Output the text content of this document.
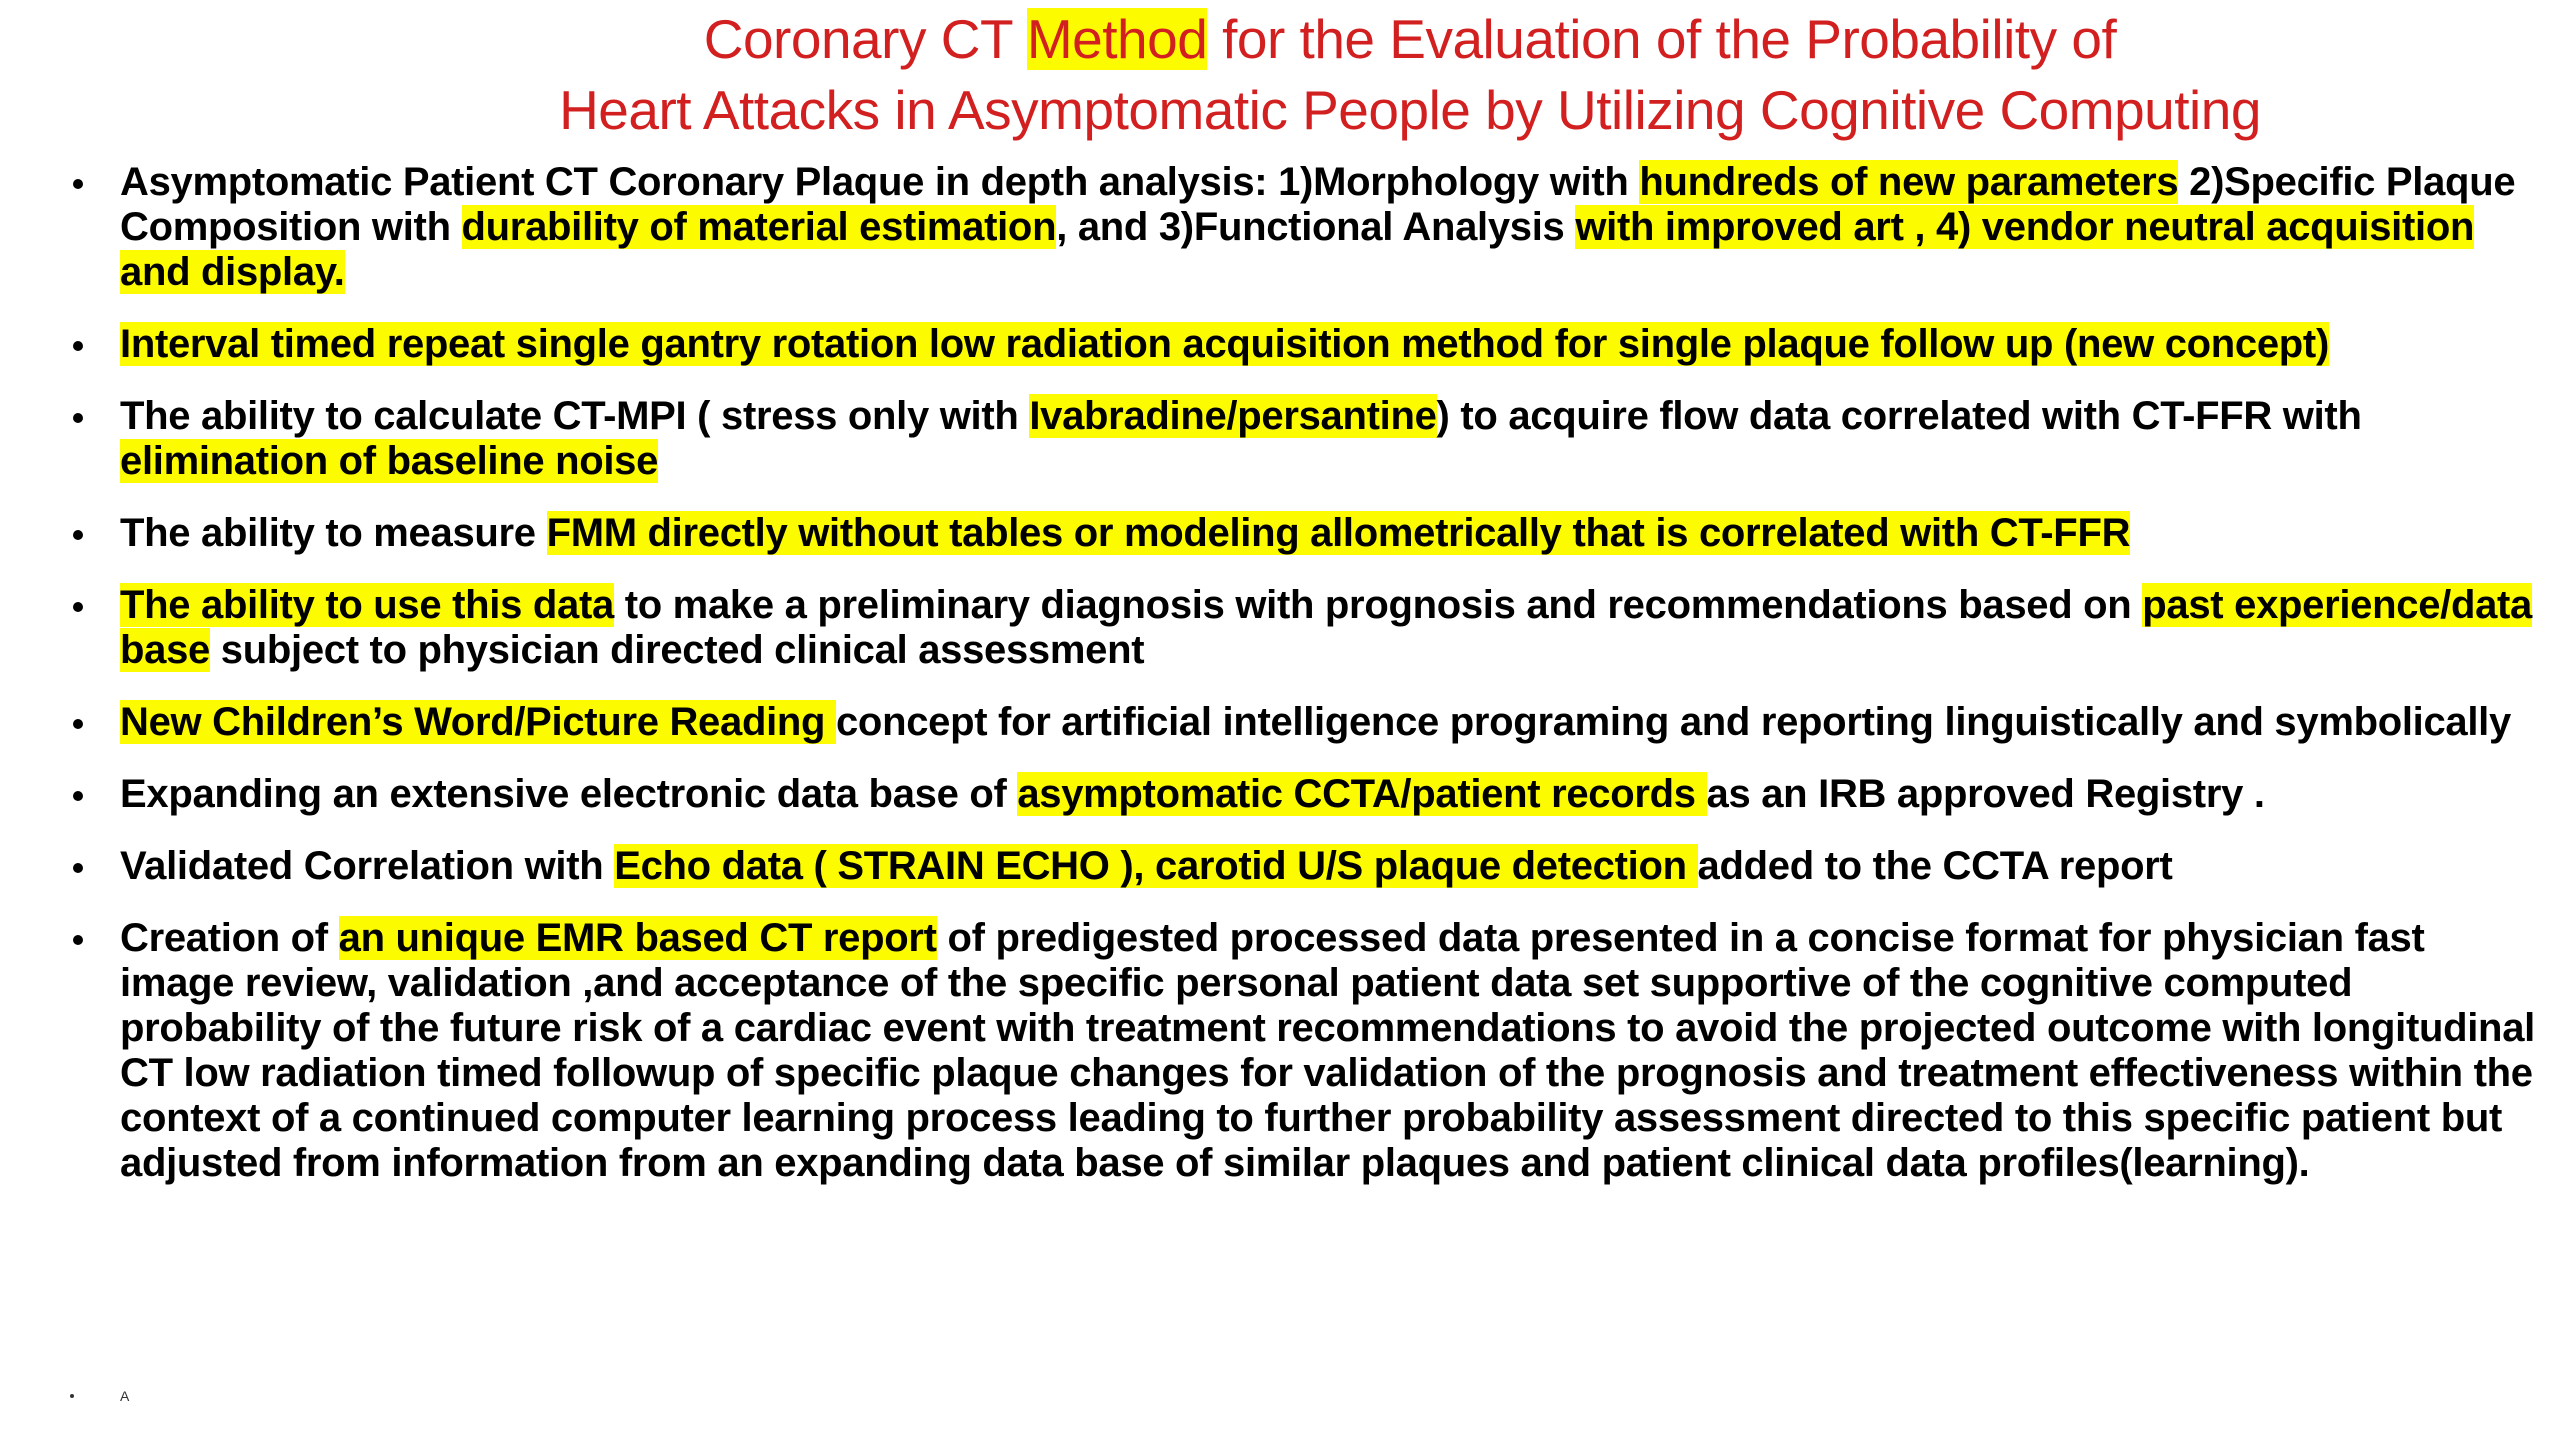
Coronary CT Method for the Evaluation of the Probability of
Heart Attacks in Asymptomatic People by Utilizing Cognitive Computing
Asymptomatic Patient CT Coronary Plaque in depth analysis: 1)Morphology with hundreds of new parameters 2)Specific Plaque Composition with durability of material estimation, and 3)Functional Analysis with improved art , 4) vendor neutral acquisition and display.
Interval timed repeat single gantry rotation low radiation acquisition method for single plaque follow up (new concept)
The ability to calculate CT-MPI ( stress only with Ivabradine/persantine) to acquire flow data correlated with CT-FFR with elimination of baseline noise
The ability to measure FMM directly without tables or modeling allometrically that is correlated with CT-FFR
The ability to use this data to make a preliminary diagnosis with prognosis and recommendations based on past experience/data base subject to physician directed clinical assessment
New Children’s Word/Picture Reading concept for artificial intelligence programing and reporting linguistically and symbolically
Expanding an extensive electronic data base of asymptomatic CCTA/patient records as an IRB approved Registry .
Validated Correlation with Echo data ( STRAIN ECHO ), carotid U/S plaque detection added to the CCTA report
Creation of an unique EMR based CT report of predigested processed data presented in a concise format for physician fast image review, validation ,and acceptance of the specific personal patient data set supportive of the cognitive computed probability of the future risk of a cardiac event with treatment recommendations to avoid the projected outcome with longitudinal CT low radiation timed followup of specific plaque changes for validation of the prognosis and treatment effectiveness within the context of a continued computer learning process leading to further probability assessment directed to this specific patient but adjusted from information from an expanding data base of similar plaques and patient clinical data profiles(learning).
A
